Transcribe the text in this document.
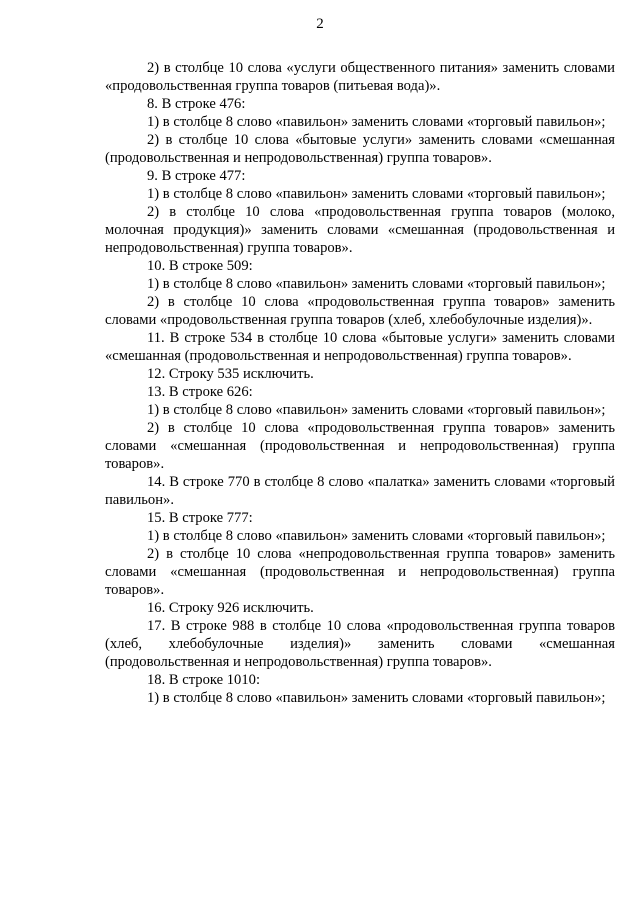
2

2) в столбце 10 слова «услуги общественного питания» заменить словами «продовольственная группа товаров (питьевая вода)».

8. В строке 476:

1) в столбце 8 слово «павильон» заменить словами «торговый павильон»;

2) в столбце 10 слова «бытовые услуги» заменить словами «смешанная (продовольственная и непродовольственная) группа товаров».

9. В строке 477:

1) в столбце 8 слово «павильон» заменить словами «торговый павильон»;

2) в столбце 10 слова «продовольственная группа товаров (молоко, молочная продукция)» заменить словами «смешанная (продовольственная и непродовольственная) группа товаров».

10. В строке 509:

1) в столбце 8 слово «павильон» заменить словами «торговый павильон»;

2) в столбце 10 слова «продовольственная группа товаров» заменить словами «продовольственная группа товаров (хлеб, хлебобулочные изделия)».

11. В строке 534 в столбце 10 слова «бытовые услуги» заменить словами «смешанная (продовольственная и непродовольственная) группа товаров».

12. Строку 535 исключить.

13. В строке 626:

1) в столбце 8 слово «павильон» заменить словами «торговый павильон»;

2) в столбце 10 слова «продовольственная группа товаров» заменить словами «смешанная (продовольственная и непродовольственная) группа товаров».

14. В строке 770 в столбце 8 слово «палатка» заменить словами «торговый павильон».

15. В строке 777:

1) в столбце 8 слово «павильон» заменить словами «торговый павильон»;

2) в столбце 10 слова «непродовольственная группа товаров» заменить словами «смешанная (продовольственная и непродовольственная) группа товаров».

16. Строку 926 исключить.

17. В строке 988 в столбце 10 слова «продовольственная группа товаров (хлеб, хлебобулочные изделия)» заменить словами «смешанная (продовольственная и непродовольственная) группа товаров».

18. В строке 1010:

1) в столбце 8 слово «павильон» заменить словами «торговый павильон»;
